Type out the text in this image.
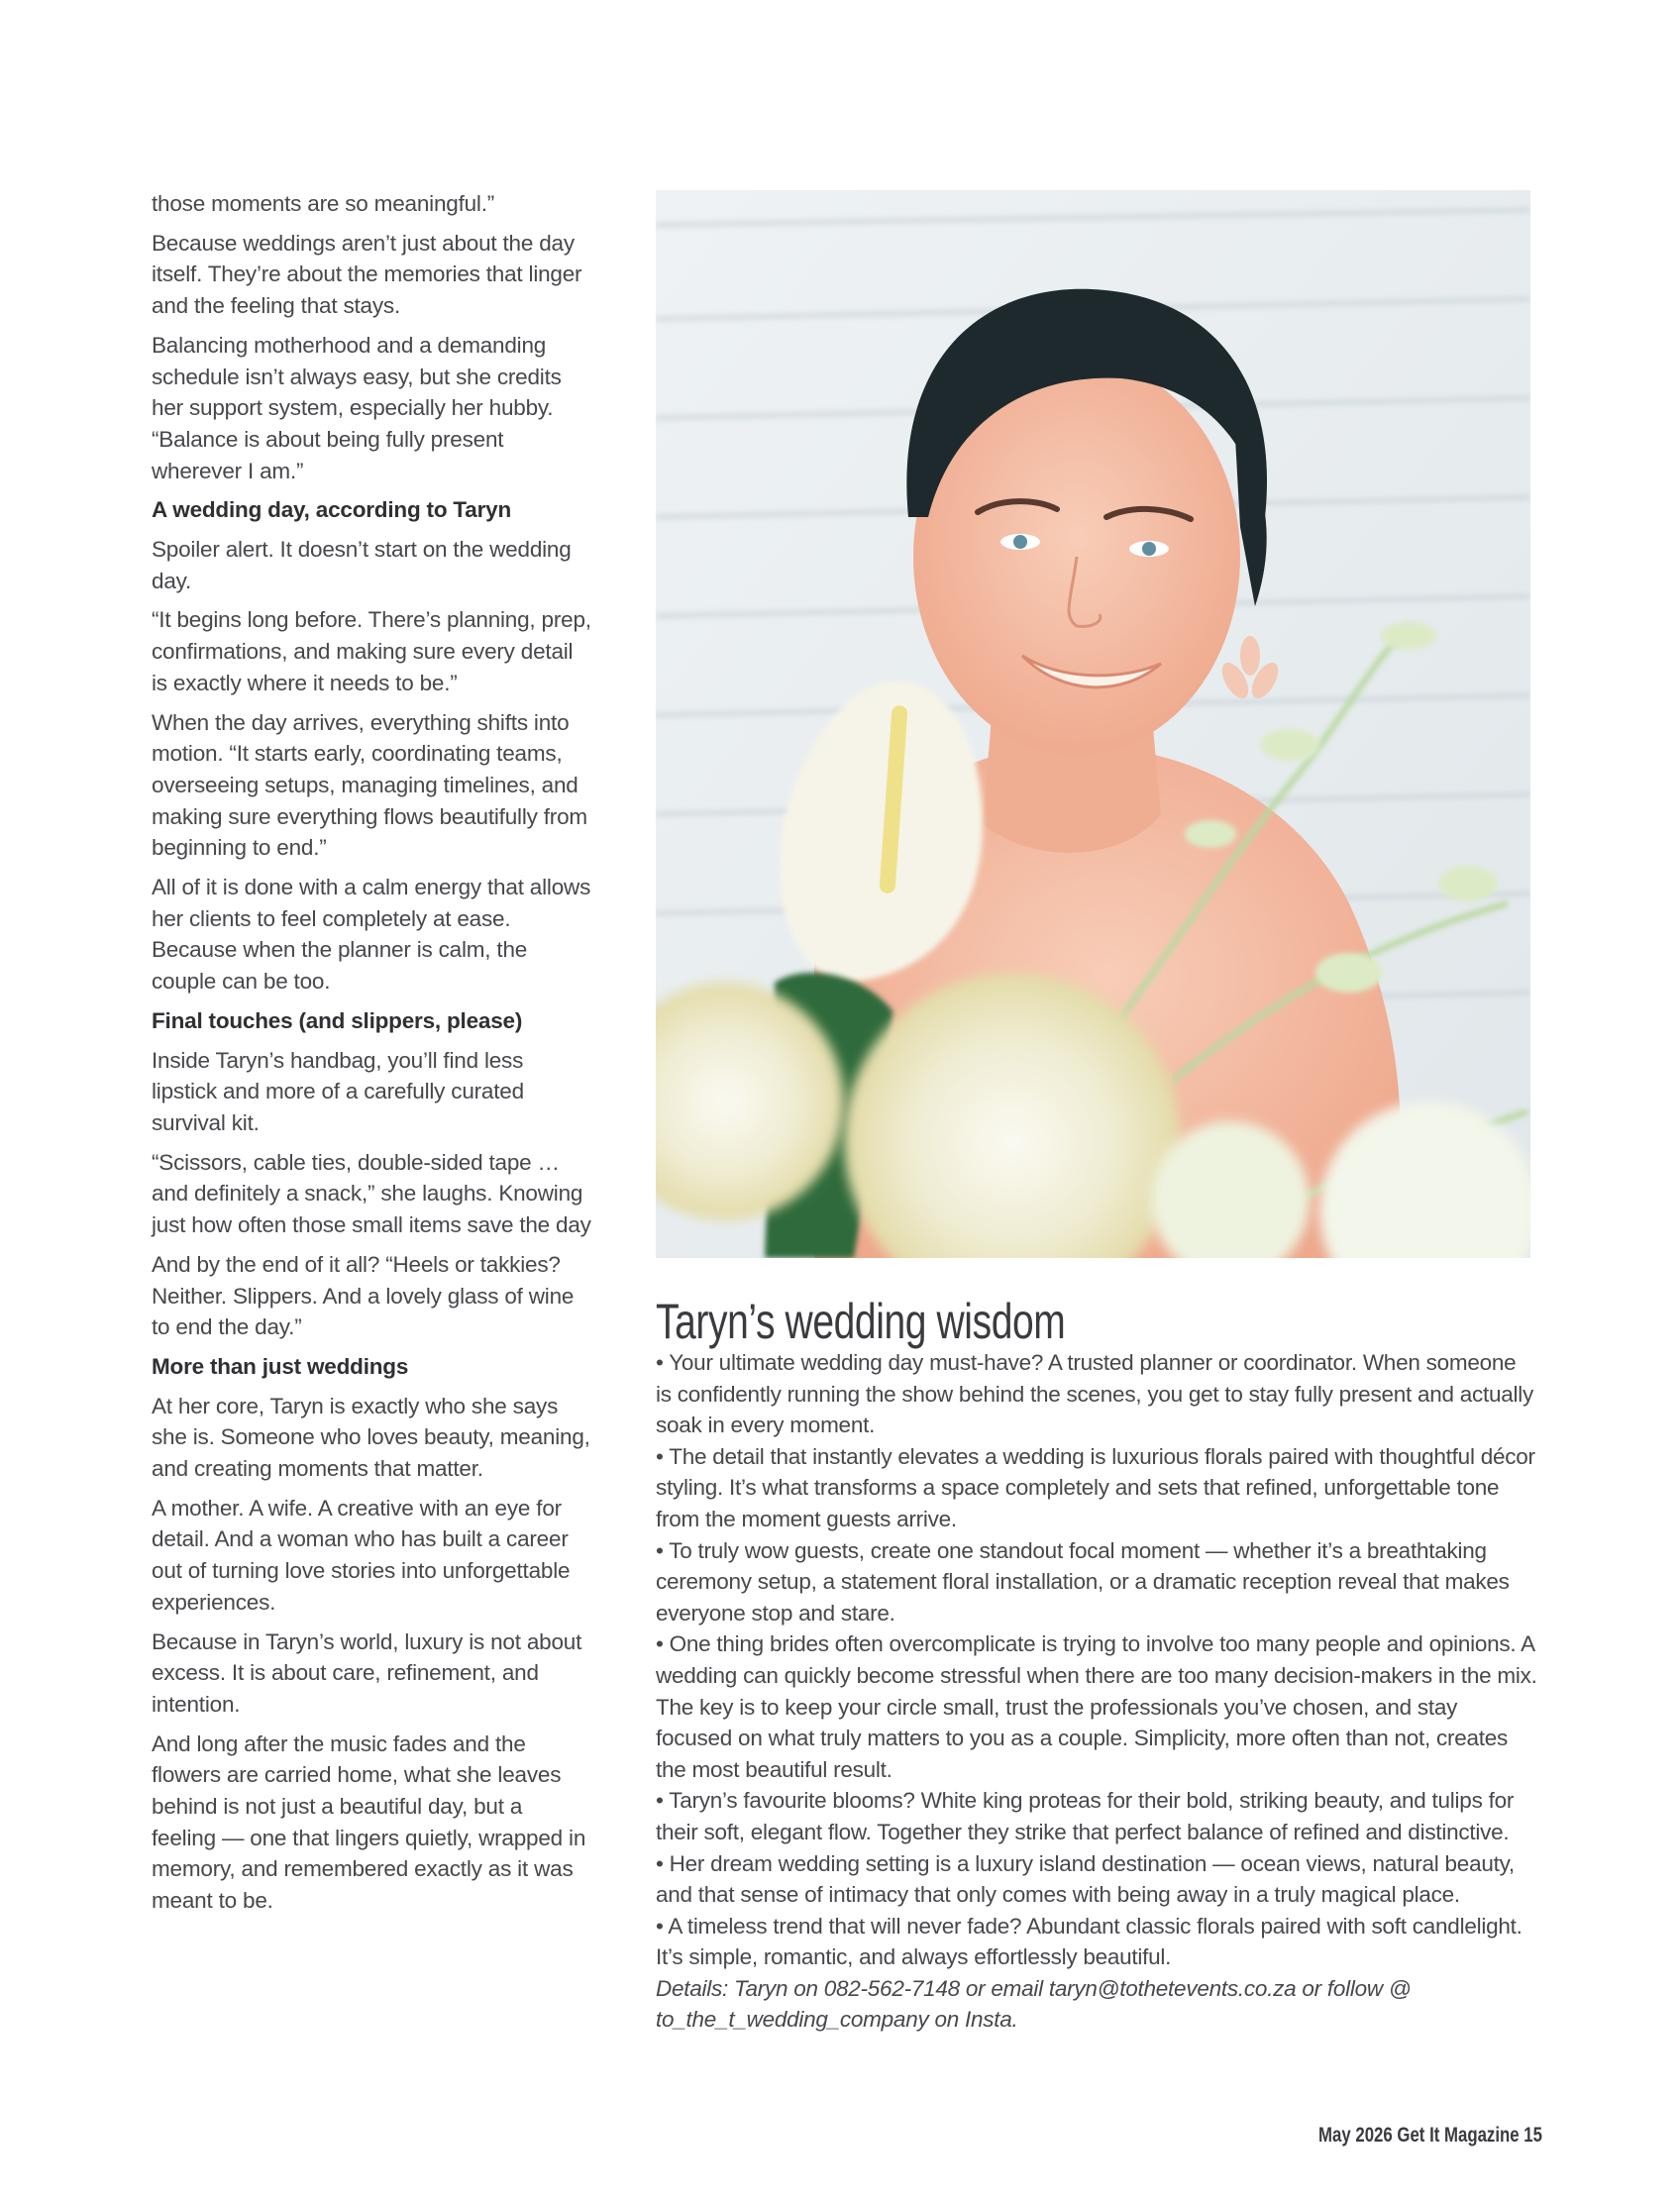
those moments are so meaningful.”

Because weddings aren’t just about the day itself. They’re about the memories that linger and the feeling that stays.

Balancing motherhood and a demanding schedule isn’t always easy, but she credits her support system, especially her hubby. “Balance is about being fully present wherever I am.”

A wedding day, according to Taryn

Spoiler alert. It doesn’t start on the wedding day.

“It begins long before. There’s planning, prep, confirmations, and making sure every detail is exactly where it needs to be.”

When the day arrives, everything shifts into motion. “It starts early, coordinating teams, overseeing setups, managing timelines, and making sure everything flows beautifully from beginning to end.”

All of it is done with a calm energy that allows her clients to feel completely at ease. Because when the planner is calm, the couple can be too.

Final touches (and slippers, please)

Inside Taryn’s handbag, you’ll find less lipstick and more of a carefully curated survival kit.

“Scissors, cable ties, double-sided tape … and definitely a snack,” she laughs. Knowing just how often those small items save the day

And by the end of it all? “Heels or takkies? Neither. Slippers. And a lovely glass of wine to end the day.”

More than just weddings

At her core, Taryn is exactly who she says she is. Someone who loves beauty, meaning, and creating moments that matter.

A mother. A wife. A creative with an eye for detail. And a woman who has built a career out of turning love stories into unforgettable experiences.

Because in Taryn’s world, luxury is not about excess. It is about care, refinement, and intention.

And long after the music fades and the flowers are carried home, what she leaves behind is not just a beautiful day, but a feeling — one that lingers quietly, wrapped in memory, and remembered exactly as it was meant to be.

Taryn’s wedding wisdom

• Your ultimate wedding day must-have? A trusted planner or coordinator. When someone is confidently running the show behind the scenes, you get to stay fully present and actually soak in every moment.

• The detail that instantly elevates a wedding is luxurious florals paired with thoughtful décor styling. It’s what transforms a space completely and sets that refined, unforgettable tone from the moment guests arrive.

• To truly wow guests, create one standout focal moment — whether it’s a breathtaking ceremony setup, a statement floral installation, or a dramatic reception reveal that makes everyone stop and stare.

• One thing brides often overcomplicate is trying to involve too many people and opinions. A wedding can quickly become stressful when there are too many decision-makers in the mix. The key is to keep your circle small, trust the professionals you’ve chosen, and stay focused on what truly matters to you as a couple. Simplicity, more often than not, creates the most beautiful result.

• Taryn’s favourite blooms? White king proteas for their bold, striking beauty, and tulips for their soft, elegant flow. Together they strike that perfect balance of refined and distinctive.

• Her dream wedding setting is a luxury island destination — ocean views, natural beauty, and that sense of intimacy that only comes with being away in a truly magical place.

• A timeless trend that will never fade? Abundant classic florals paired with soft candlelight. It’s simple, romantic, and always effortlessly beautiful.

Details: Taryn on 082-562-7148 or email taryn@tothetevents.co.za or follow @ to_the_t_wedding_company on Insta.

May 2026 Get It Magazine 15
